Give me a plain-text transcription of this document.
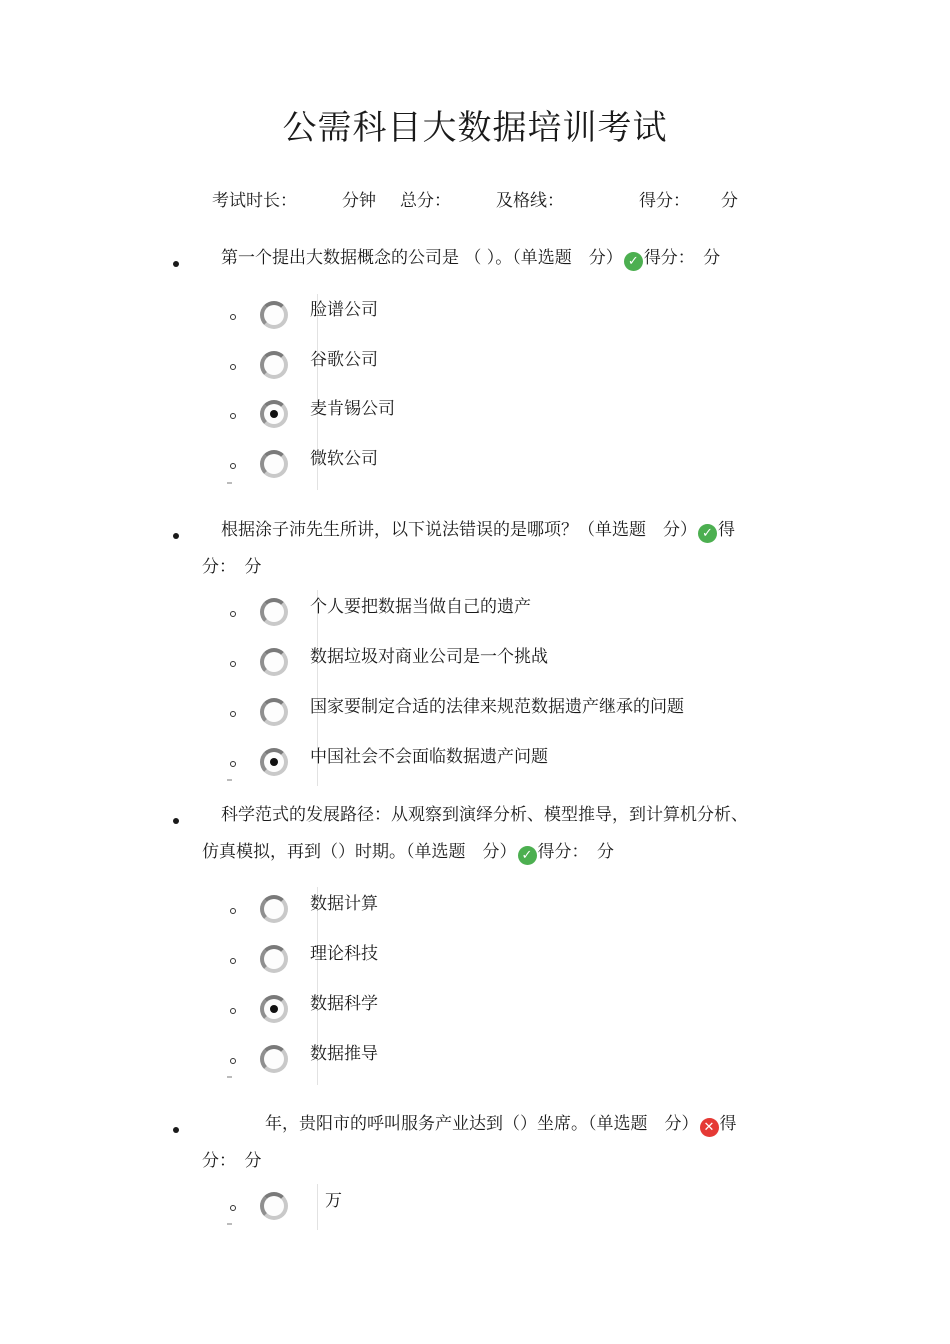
公需科目大数据培训考试
考试时长：	分钟 总分：	及格线：	得分： 分
第一个提出大数据概念的公司是 （ ）。（单选题　分） ✓ 得分：　分
脸谱公司
谷歌公司
麦肯锡公司
微软公司
根据涂子沛先生所讲，以下说法错误的是哪项？（单选题　分） ✓ 得
分：　分
个人要把数据当做自己的遗产
数据垃圾对商业公司是一个挑战
国家要制定合适的法律来规范数据遗产继承的问题
中国社会不会面临数据遗产问题
科学范式的发展路径：从观察到演绎分析、模型推导，到计算机分析、
仿真模拟，再到（）时期。（单选题　分） ✓ 得分：　分
数据计算
理论科技
数据科学
数据推导
年，贵阳市的呼叫服务产业达到（）坐席。（单选题　分） ✕ 得
分：　分
万
